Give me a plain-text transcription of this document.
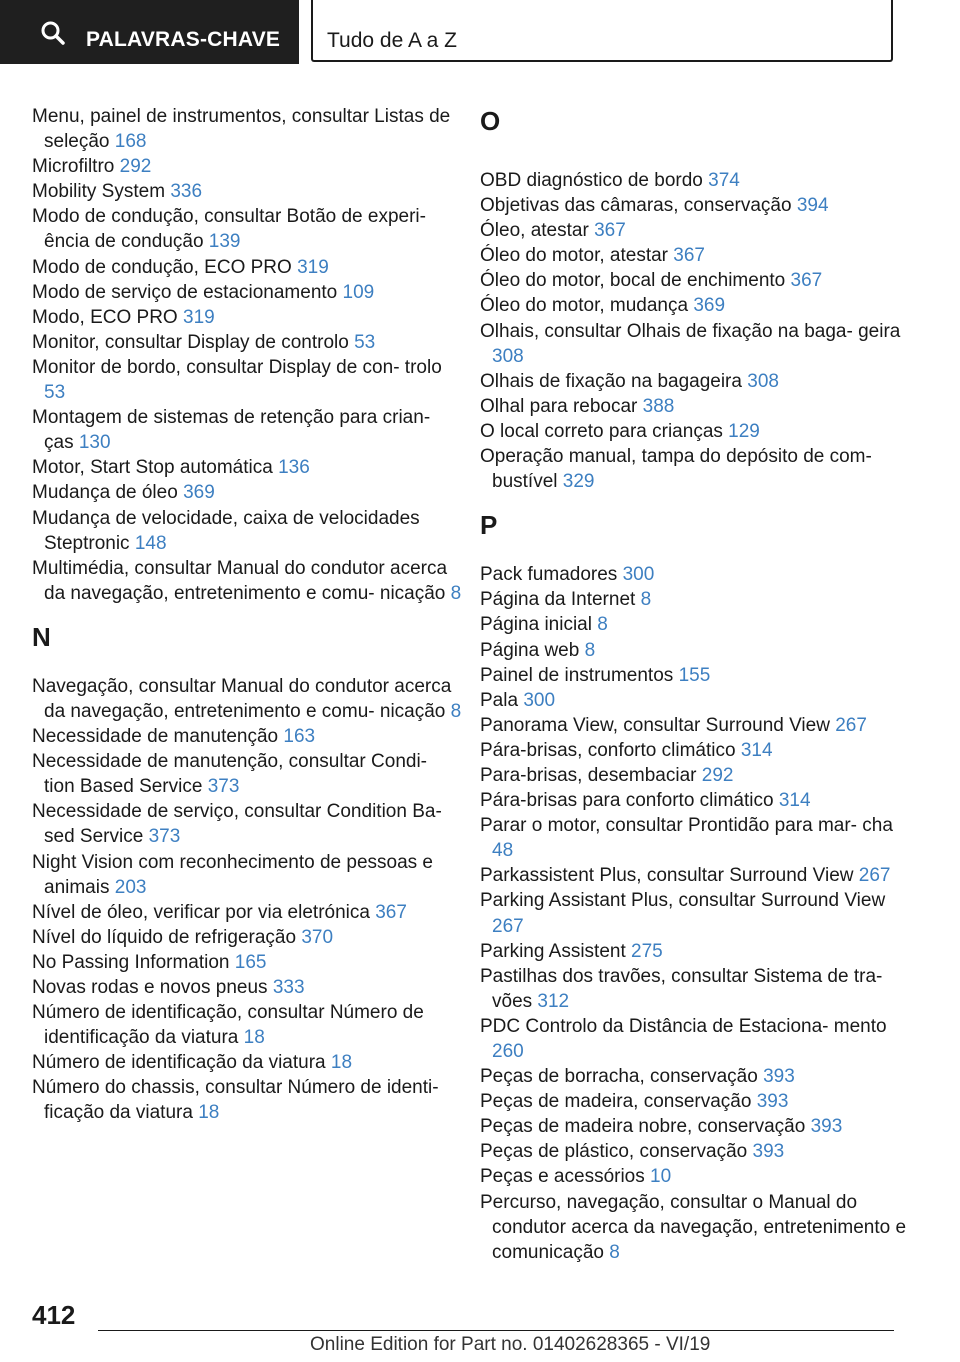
PALAVRAS-CHAVE Tudo de A a Z
Menu, painel de instrumentos, consultar Listas de seleção 168
Microfiltro 292
Mobility System 336
Modo de condução, consultar Botão de experi‐ ência de condução 139
Modo de condução, ECO PRO 319
Modo de serviço de estacionamento 109
Modo, ECO PRO 319
Monitor, consultar Display de controlo 53
Monitor de bordo, consultar Display de con‐ trolo 53
Montagem de sistemas de retenção para crian‐ ças 130
Motor, Start Stop automática 136
Mudança de óleo 369
Mudança de velocidade, caixa de velocidades Steptronic 148
Multimédia, consultar Manual do condutor acerca da navegação, entretenimento e comu‐ nicação 8
N
Navegação, consultar Manual do condutor acerca da navegação, entretenimento e comu‐ nicação 8
Necessidade de manutenção 163
Necessidade de manutenção, consultar Condi‐ tion Based Service 373
Necessidade de serviço, consultar Condition Ba‐ sed Service 373
Night Vision com reconhecimento de pessoas e animais 203
Nível de óleo, verificar por via eletrónica 367
Nível do líquido de refrigeração 370
No Passing Information 165
Novas rodas e novos pneus 333
Número de identificação, consultar Número de identificação da viatura 18
Número de identificação da viatura 18
Número do chassis, consultar Número de identi‐ ficação da viatura 18
O
OBD diagnóstico de bordo 374
Objetivas das câmaras, conservação 394
Óleo, atestar 367
Óleo do motor, atestar 367
Óleo do motor, bocal de enchimento 367
Óleo do motor, mudança 369
Olhais, consultar Olhais de fixação na baga‐ geira 308
Olhais de fixação na bagageira 308
Olhal para rebocar 388
O local correto para crianças 129
Operação manual, tampa do depósito de com‐ bustível 329
P
Pack fumadores 300
Página da Internet 8
Página inicial 8
Página web 8
Painel de instrumentos 155
Pala 300
Panorama View, consultar Surround View 267
Pára-brisas, conforto climático 314
Para-brisas, desembaciar 292
Pára-brisas para conforto climático 314
Parar o motor, consultar Prontidão para mar‐ cha 48
Parkassistent Plus, consultar Surround View 267
Parking Assistant Plus, consultar Surround View 267
Parking Assistent 275
Pastilhas dos travões, consultar Sistema de tra‐ vões 312
PDC Controlo da Distância de Estaciona‐ mento 260
Peças de borracha, conservação 393
Peças de madeira, conservação 393
Peças de madeira nobre, conservação 393
Peças de plástico, conservação 393
Peças e acessórios 10
Percurso, navegação, consultar o Manual do condutor acerca da navegação, entretenimento e comunicação 8
412
Online Edition for Part no. 01402628365 - VI/19
